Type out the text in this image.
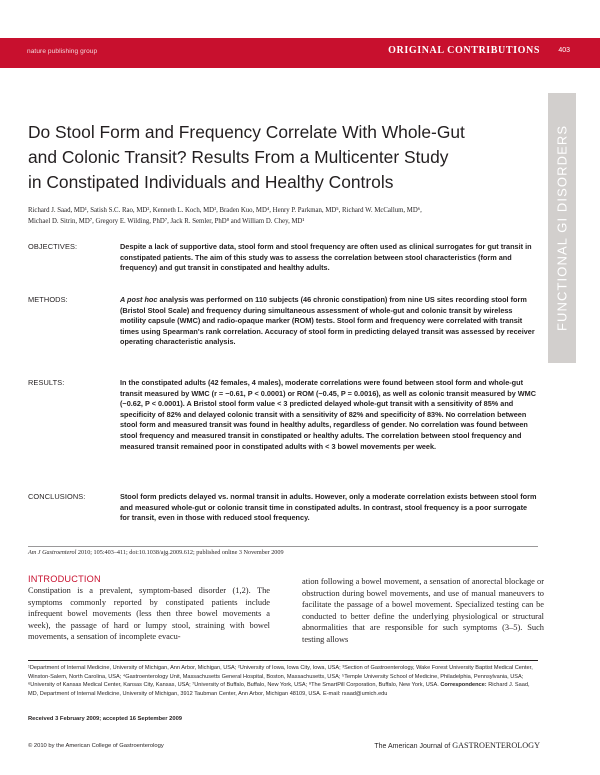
nature publishing group	ORIGINAL CONTRIBUTIONS	403
FUNCTIONAL GI DISORDERS
Do Stool Form and Frequency Correlate With Whole-Gut
and Colonic Transit? Results From a Multicenter Study
in Constipated Individuals and Healthy Controls
Richard J. Saad, MD¹, Satish S.C. Rao, MD², Kenneth L. Koch, MD³, Braden Kuo, MD⁴, Henry P. Parkman, MD⁵, Richard W. McCallum, MD⁶,
Michael D. Sitrin, MD⁷, Gregory E. Wilding, PhD⁷, Jack R. Semler, PhD⁸ and William D. Chey, MD¹
OBJECTIVES:	Despite a lack of supportive data, stool form and stool frequency are often used as clinical surrogates for gut transit in constipated patients. The aim of this study was to assess the correlation between stool characteristics (form and frequency) and gut transit in constipated and healthy adults.
METHODS:	A post hoc analysis was performed on 110 subjects (46 chronic constipation) from nine US sites recording stool form (Bristol Stool Scale) and frequency during simultaneous assessment of whole-gut and colonic transit by wireless motility capsule (WMC) and radio-opaque marker (ROM) tests. Stool form and frequency were correlated with transit times using Spearman's rank correlation. Accuracy of stool form in predicting delayed transit was assessed by receiver operating characteristic analysis.
RESULTS:	In the constipated adults (42 females, 4 males), moderate correlations were found between stool form and whole-gut transit measured by WMC (r = −0.61, P < 0.0001) or ROM (−0.45, P = 0.0016), as well as colonic transit measured by WMC (−0.62, P < 0.0001). A Bristol stool form value < 3 predicted delayed whole-gut transit with a sensitivity of 85% and specificity of 82% and delayed colonic transit with a sensitivity of 82% and specificity of 83%. No correlation between stool form and measured transit was found in healthy adults, regardless of gender. No correlation was found between stool frequency and measured transit in constipated or healthy adults. The correlation between stool frequency and measured transit remained poor in constipated adults with < 3 bowel movements per week.
CONCLUSIONS:	Stool form predicts delayed vs. normal transit in adults. However, only a moderate correlation exists between stool form and measured whole-gut or colonic transit time in constipated adults. In contrast, stool frequency is a poor surrogate for transit, even in those with reduced stool frequency.
Am J Gastroenterol 2010; 105:403–411; doi:10.1038/ajg.2009.612; published online 3 November 2009
INTRODUCTION
Constipation is a prevalent, symptom-based disorder (1,2). The symptoms commonly reported by constipated patients include infrequent bowel movements (less then three bowel movements a week), the passage of hard or lumpy stool, straining with bowel movements, a sensation of incomplete evacu-
ation following a bowel movement, a sensation of anorectal blockage or obstruction during bowel movements, and use of manual maneuvers to facilitate the passage of a bowel movement. Specialized testing can be conducted to better define the underlying physiological or structural abnormalities that are responsible for such symptoms (3–5). Such testing allows
¹Department of Internal Medicine, University of Michigan, Ann Arbor, Michigan, USA; ²University of Iowa, Iowa City, Iowa, USA; ³Section of Gastroenterology, Wake Forest University Baptist Medical Center, Winston-Salem, North Carolina, USA; ⁴Gastroenterology Unit, Massachusetts General Hospital, Boston, Massachusetts, USA; ⁵Temple University School of Medicine, Philadelphia, Pennsylvania, USA; ⁶University of Kansas Medical Center, Kansas City, Kansas, USA; ⁷University of Buffalo, Buffalo, New York, USA; ⁸The SmartPill Corporation, Buffalo, New York, USA. Correspondence: Richard J. Saad, MD, Department of Internal Medicine, University of Michigan, 3912 Taubman Center, Ann Arbor, Michigan 48109, USA. E-mail: rsaad@umich.edu
Received 3 February 2009; accepted 16 September 2009
© 2010 by the American College of Gastroenterology	The American Journal of GASTROENTEROLOGY
